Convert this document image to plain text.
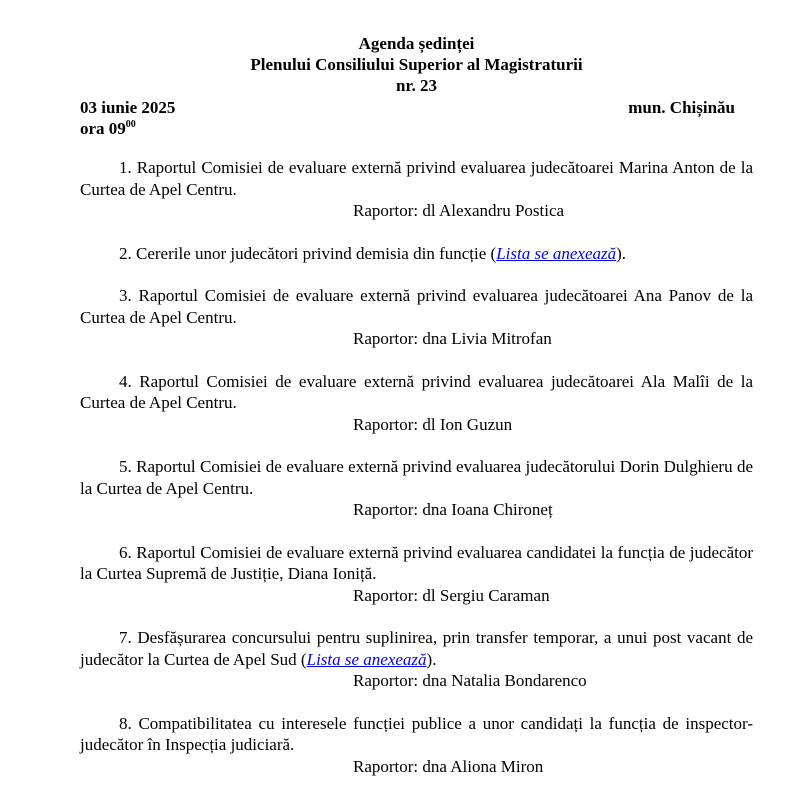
Agenda ședinței
Plenului Consiliului Superior al Magistraturii
nr. 23
03 iunie 2025	mun. Chișinău
ora $09^{00}$
1. Raportul Comisiei de evaluare externă privind evaluarea judecătoarei Marina Anton de la Curtea de Apel Centru.
Raportor: dl Alexandru Postica
2. Cererile unor judecători privind demisia din funcție (Lista se anexează).
3. Raportul Comisiei de evaluare externă privind evaluarea judecătoarei Ana Panov de la Curtea de Apel Centru.
Raportor: dna Livia Mitrofan
4. Raportul Comisiei de evaluare externă privind evaluarea judecătoarei Ala Malîi de la Curtea de Apel Centru.
Raportor: dl Ion Guzun
5. Raportul Comisiei de evaluare externă privind evaluarea judecătorului Dorin Dulghieru de la Curtea de Apel Centru.
Raportor: dna Ioana Chironeț
6. Raportul Comisiei de evaluare externă privind evaluarea candidatei la funcția de judecător la Curtea Supremă de Justiție, Diana Ioniță.
Raportor: dl Sergiu Caraman
7. Desfășurarea concursului pentru suplinirea, prin transfer temporar, a unui post vacant de judecător la Curtea de Apel Sud (Lista se anexează).
Raportor: dna Natalia Bondarenco
8. Compatibilitatea cu interesele funcției publice a unor candidați la funcția de inspector-judecător în Inspecția judiciară.
Raportor: dna Aliona Miron
